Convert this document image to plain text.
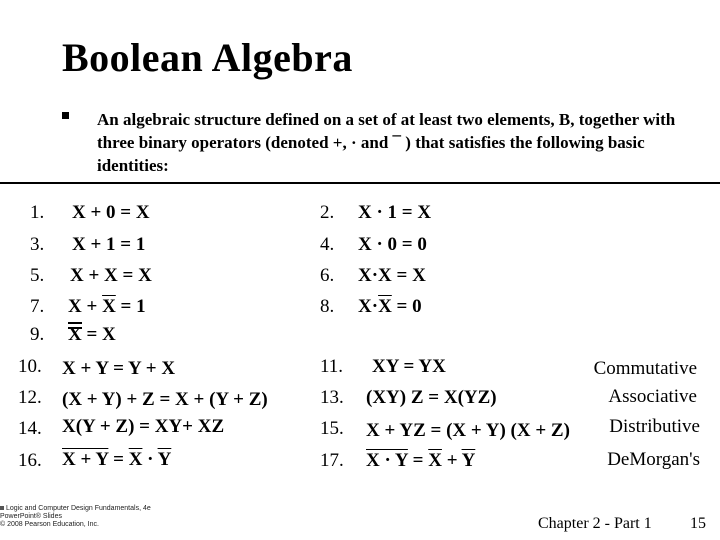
Boolean Algebra
An algebraic structure defined on a set of at least two elements, B, together with three binary operators (denoted +, · and ¯ ) that satisfies the following basic identities:
1. X + 0 = X	2. X · 1 = X
3. X + 1 = 1	4. X · 0 = 0
5. X + X = X	6. X·X = X
7. $X + \overline{X} = 1$	8. $X\cdot\overline{X} = 0$
9. X = X
10. X + Y = Y + X	11. XY = YX	Commutative
12. (X + Y) + Z = X + (Y + Z)	13. (XY) Z = X(YZ)	Associative
14. X(Y + Z) = XY+ XZ	15. X + YZ = (X + Y) (X + Z)	Distributive
16. $X + Y = \overline{X} \cdot \overline{Y}$	17. $X \cdot Y = \overline{X} + \overline{Y}$	DeMorgan's
Logic and Computer Design Fundamentals, 4e
PowerPoint® Slides
© 2008 Pearson Education, Inc.	Chapter 2 - Part 1 15
